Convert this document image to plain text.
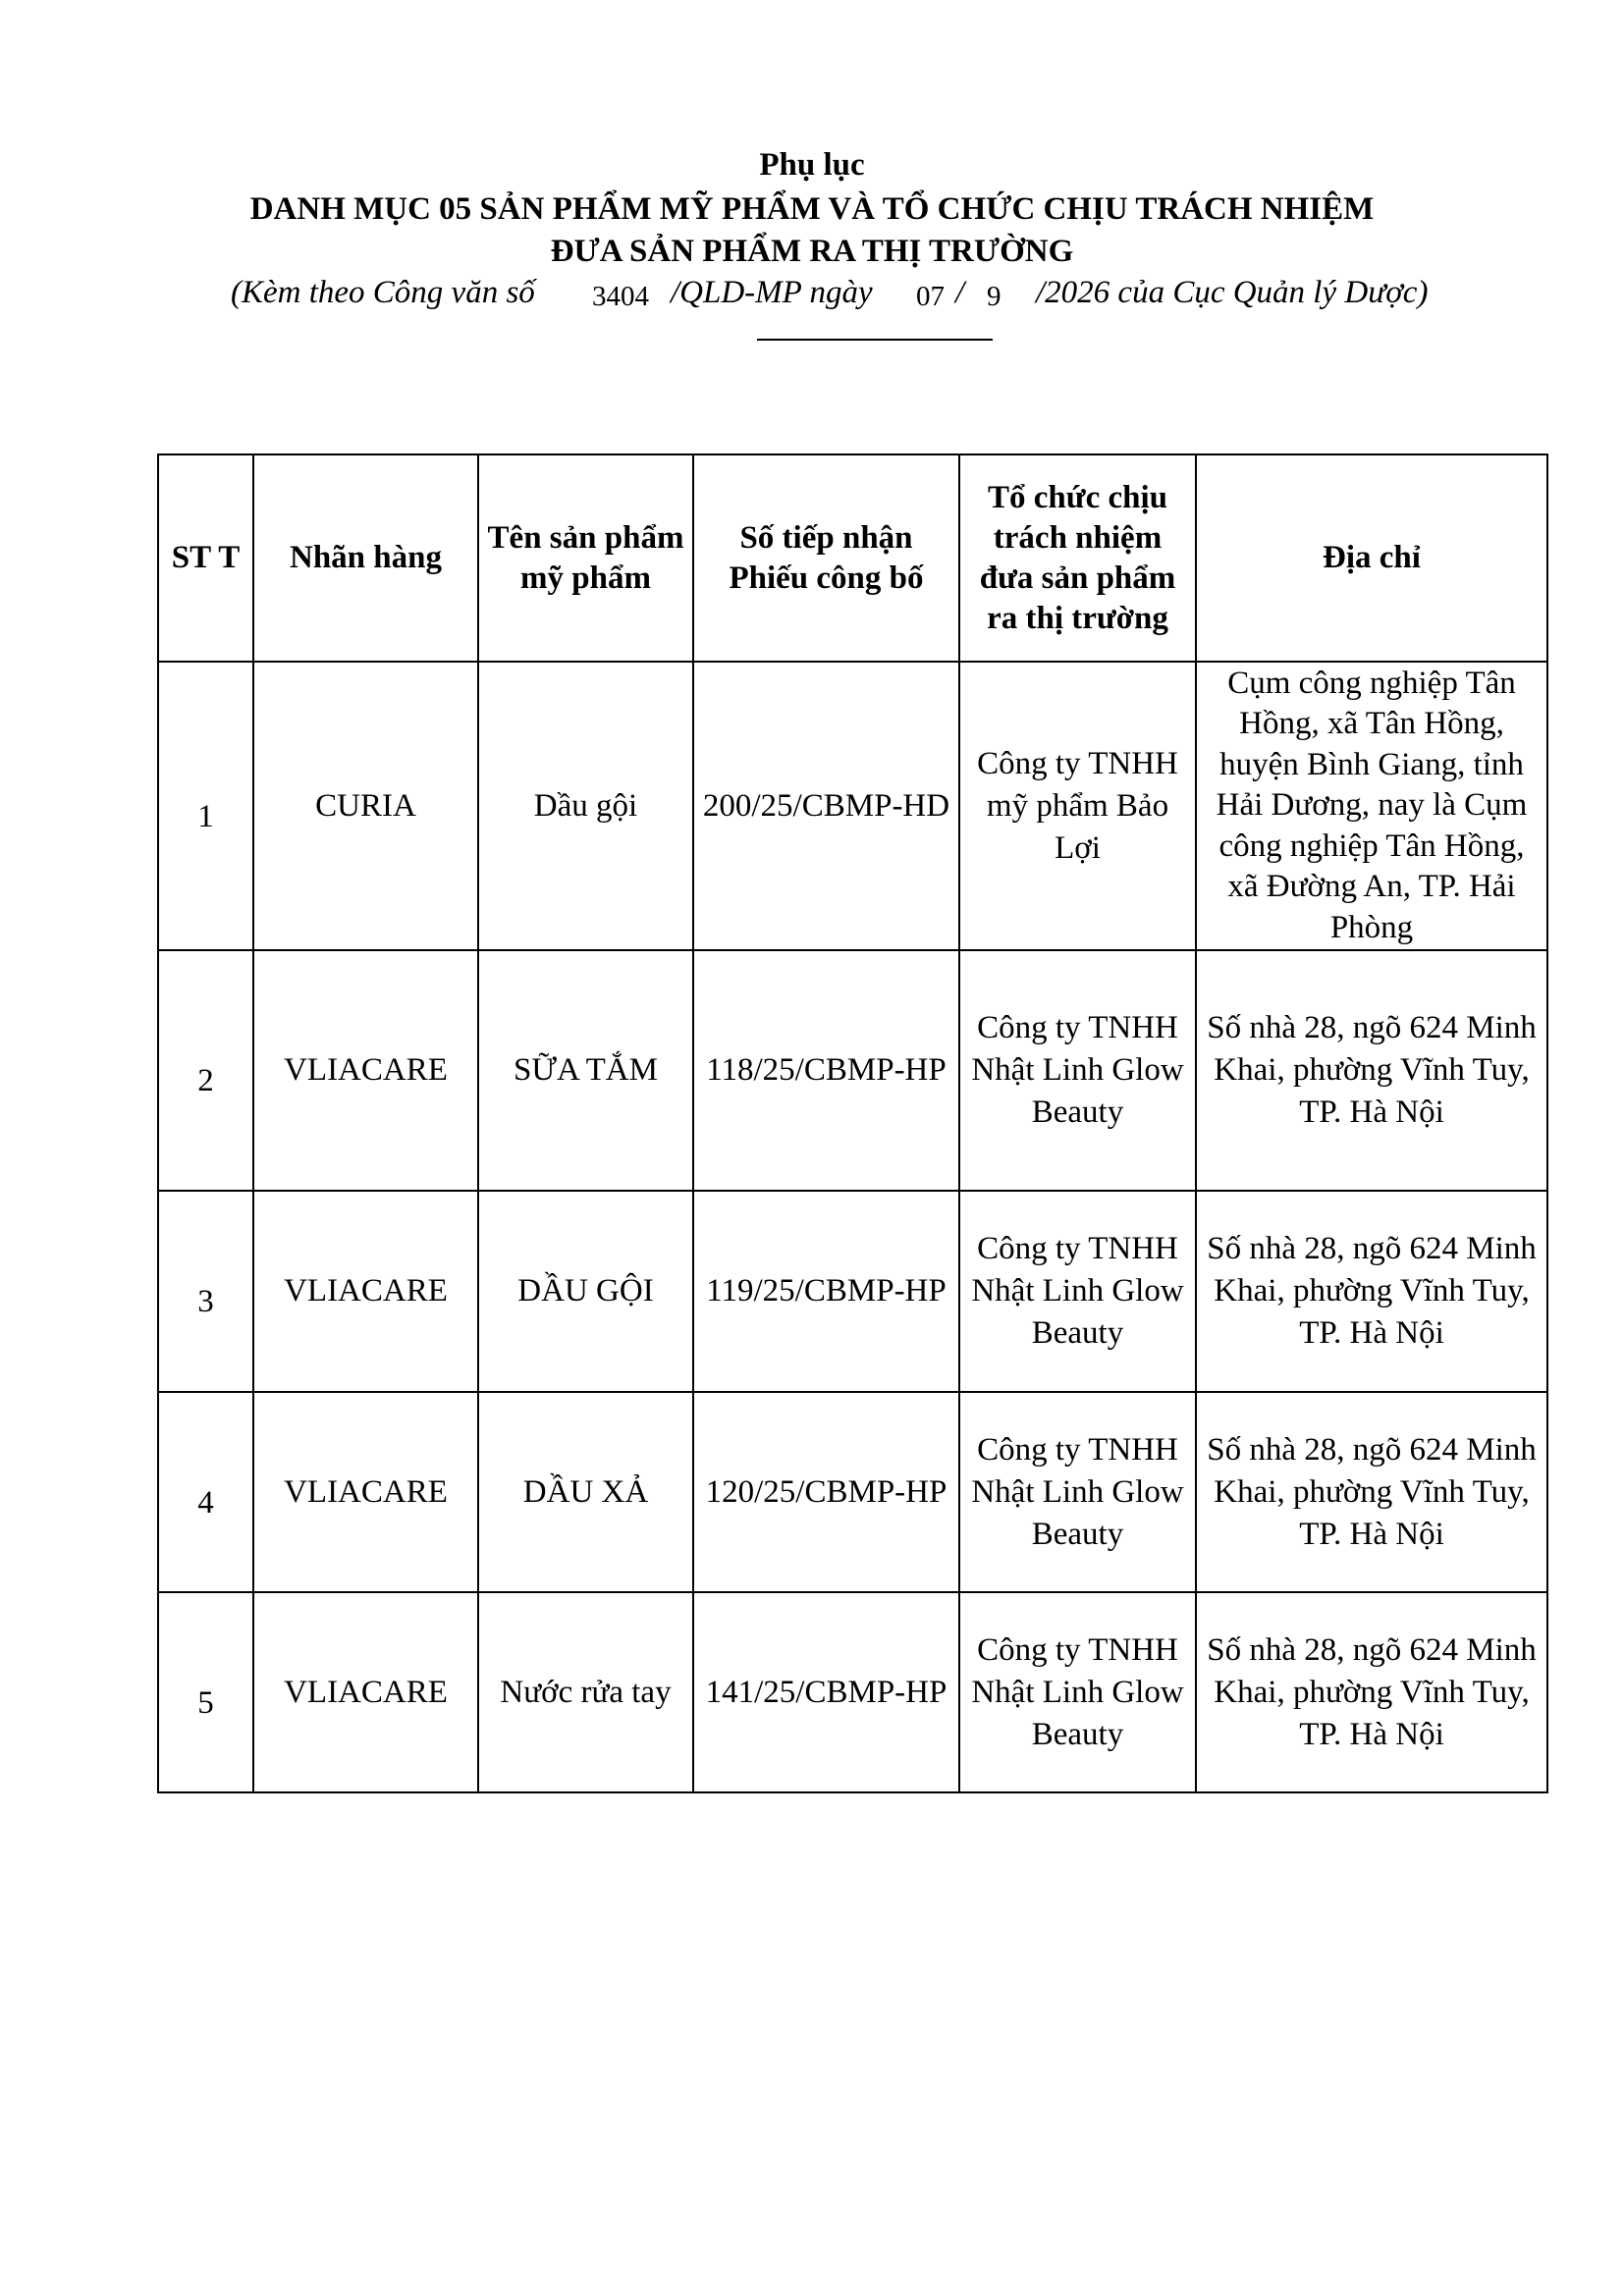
Phụ lục
DANH MỤC 05 SẢN PHẨM MỸ PHẨM VÀ TỔ CHỨC CHỊU TRÁCH NHIỆM
ĐƯA SẢN PHẨM RA THỊ TRƯỜNG
(Kèm theo Công văn số 3404 /QLD-MP ngày 07 / 9 /2026 của Cục Quản lý Dược)
ST T	Nhãn hàng	Tên sản phẩm mỹ phẩm	Số tiếp nhận Phiếu công bố	Tổ chức chịu trách nhiệm đưa sản phẩm ra thị trường	Địa chỉ
1	CURIA	Dầu gội	200/25/CBMP-HD	Công ty TNHH mỹ phẩm Bảo Lợi	Cụm công nghiệp Tân Hồng, xã Tân Hồng, huyện Bình Giang, tỉnh Hải Dương, nay là Cụm công nghiệp Tân Hồng, xã Đường An, TP. Hải Phòng
2	VLIACARE	SỮA TẮM	118/25/CBMP-HP	Công ty TNHH Nhật Linh Glow Beauty	Số nhà 28, ngõ 624 Minh Khai, phường Vĩnh Tuy, TP. Hà Nội
3	VLIACARE	DẦU GỘI	119/25/CBMP-HP	Công ty TNHH Nhật Linh Glow Beauty	Số nhà 28, ngõ 624 Minh Khai, phường Vĩnh Tuy, TP. Hà Nội
4	VLIACARE	DẦU XẢ	120/25/CBMP-HP	Công ty TNHH Nhật Linh Glow Beauty	Số nhà 28, ngõ 624 Minh Khai, phường Vĩnh Tuy, TP. Hà Nội
5	VLIACARE	Nước rửa tay	141/25/CBMP-HP	Công ty TNHH Nhật Linh Glow Beauty	Số nhà 28, ngõ 624 Minh Khai, phường Vĩnh Tuy, TP. Hà Nội
